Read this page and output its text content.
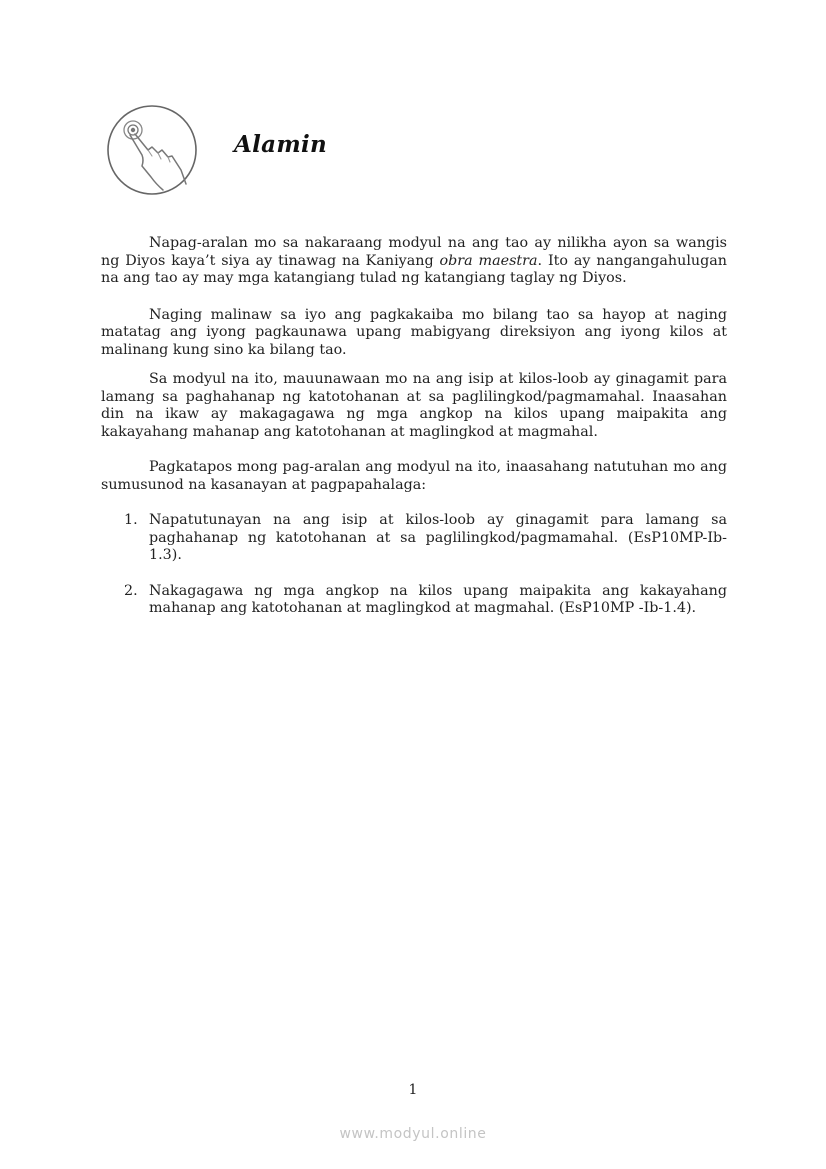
Alamin

Napag-aralan mo sa nakaraang modyul na ang tao ay nilikha ayon sa wangis ng Diyos kaya’t siya ay tinawag na Kaniyang obra maestra. Ito ay nangangahulugan na ang tao ay may mga katangiang tulad ng katangiang taglay ng Diyos.

Naging malinaw sa iyo ang pagkakaiba mo bilang tao sa hayop at naging matatag ang iyong pagkaunawa upang mabigyang direksiyon ang iyong kilos at malinang kung sino ka bilang tao.

Sa modyul na ito, mauunawaan mo na ang isip at kilos-loob ay ginagamit para lamang sa paghahanap ng katotohanan at sa paglilingkod/pagmamahal. Inaasahan din na ikaw ay makagagawa ng mga angkop na kilos upang maipakita ang kakayahang mahanap ang katotohanan at maglingkod at magmahal.

Pagkatapos mong pag-aralan ang modyul na ito, inaasahang natutuhan mo ang sumusunod na kasanayan at pagpapahalaga:

1. Napatutunayan na ang isip at kilos-loob ay ginagamit para lamang sa paghahanap ng katotohanan at sa paglilingkod/pagmamahal. (EsP10MP-Ib-1.3).
2. Nakagagawa ng mga angkop na kilos upang maipakita ang kakayahang mahanap ang katotohanan at maglingkod at magmahal. (EsP10MP -Ib-1.4).
1
www.modyul.online
